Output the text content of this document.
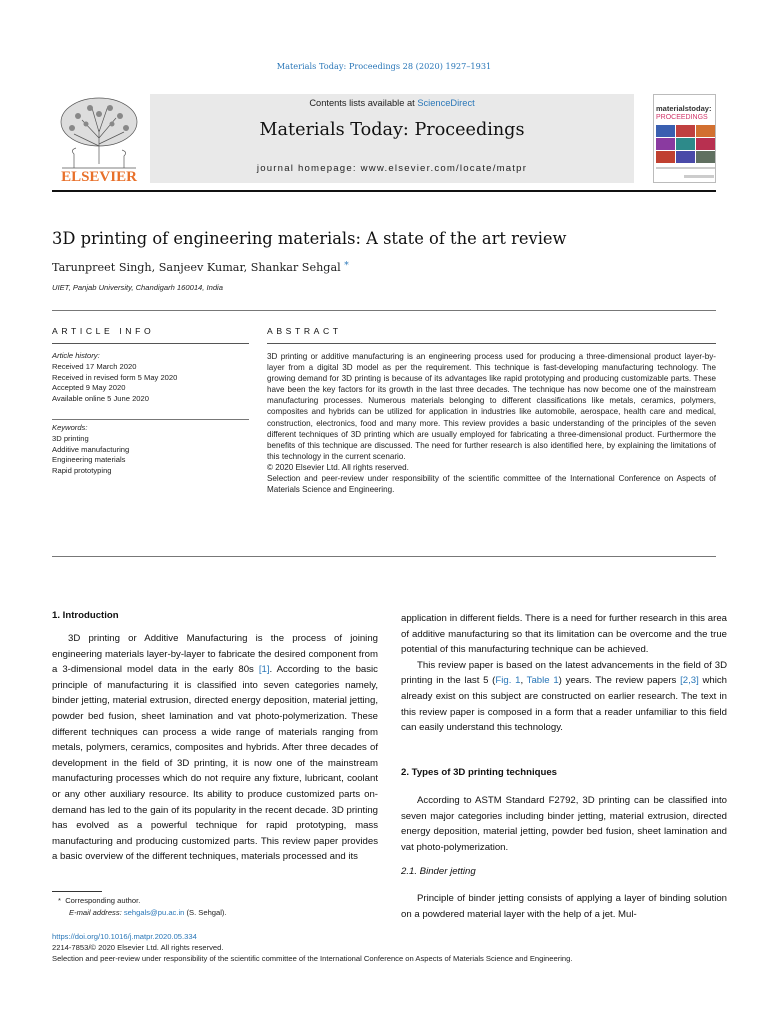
Materials Today: Proceedings 28 (2020) 1927–1931
ELSEVIER
Contents lists available at ScienceDirect
Materials Today: Proceedings
journal homepage: www.elsevier.com/locate/matpr
materialstoday:
PROCEEDINGS
3D printing of engineering materials: A state of the art review
Tarunpreet Singh, Sanjeev Kumar, Shankar Sehgal *
UIET, Panjab University, Chandigarh 160014, India
ARTICLE INFO
Article history:
Received 17 March 2020
Received in revised form 5 May 2020
Accepted 9 May 2020
Available online 5 June 2020
Keywords:
3D printing
Additive manufacturing
Engineering materials
Rapid prototyping
ABSTRACT

3D printing or additive manufacturing is an engineering process used for producing a three-dimensional product layer-by-layer from a digital 3D model as per the requirement. This technique is fast-developing manufacturing technology. The growing demand for 3D printing is because of its advantages like rapid prototyping and producing customizable parts. These have been the key factors for its growth in the last three decades. The technique has now become one of the mainstream manufacturing processes. Numerous materials belonging to different classifications like metals, ceramics, polymers, composites and hybrids can be utilized for application in industries like automobile, aerospace, health care and medical, construction, electronics, food and many more. This review provides a basic understanding of the principles of the seven different techniques of 3D printing which are usually employed for fabricating a three-dimensional product. Furthermore the benefits of this technique are discussed. The need for further research is also identified here, by explaining the limitations of this technology in the current scenario.

© 2020 Elsevier Ltd. All rights reserved.

Selection and peer-review under responsibility of the scientific committee of the International Conference on Aspects of Materials Science and Engineering.

1. Introduction

3D printing or Additive Manufacturing is the process of joining engineering materials layer-by-layer to fabricate the desired component from a 3-dimensional model data in the early 80s [1]. According to the basic principle of manufacturing it is classified into seven categories namely, binder jetting, material extrusion, directed energy deposition, material jetting, powder bed fusion, sheet lamination and vat photo-polymerization. These different techniques can process a wide range of materials ranging from metals, polymers, ceramics, composites and hybrids. After three decades of development in the field of 3D printing, it is now one of the mainstream manufacturing processes which do not require any fixture, lubricant, coolant or any other auxiliary resource. Its ability to produce customized parts on-demand has led to the gain of its popularity in the recent decade. 3D printing has evolved as a powerful technique for rapid prototyping, mass manufacturing and producing customized parts. This review paper provides a basic overview of the different techniques, materials processed and its

application in different fields. There is a need for further research in this area of additive manufacturing so that its limitation can be overcome and the true potential of this manufacturing technique can be achieved.

This review paper is based on the latest advancements in the field of 3D printing in the last 5 (Fig. 1, Table 1) years. The review papers [2,3] which already exist on this subject are constructed on earlier research. The text in this review paper is composed in a form that a reader unfamiliar to this field can easily understand this technology.

2. Types of 3D printing techniques

According to ASTM Standard F2792, 3D printing can be classified into seven major categories including binder jetting, material extrusion, directed energy deposition, material jetting, powder bed fusion, sheet lamination and vat photo-polymerization.

2.1. Binder jetting

Principle of binder jetting consists of applying a layer of binding solution on a powdered material layer with the help of a jet. Mul-

* Corresponding author.
E-mail address: sehgals@pu.ac.in (S. Sehgal).
https://doi.org/10.1016/j.matpr.2020.05.334
2214-7853/© 2020 Elsevier Ltd. All rights reserved.
Selection and peer-review under responsibility of the scientific committee of the International Conference on Aspects of Materials Science and Engineering.
